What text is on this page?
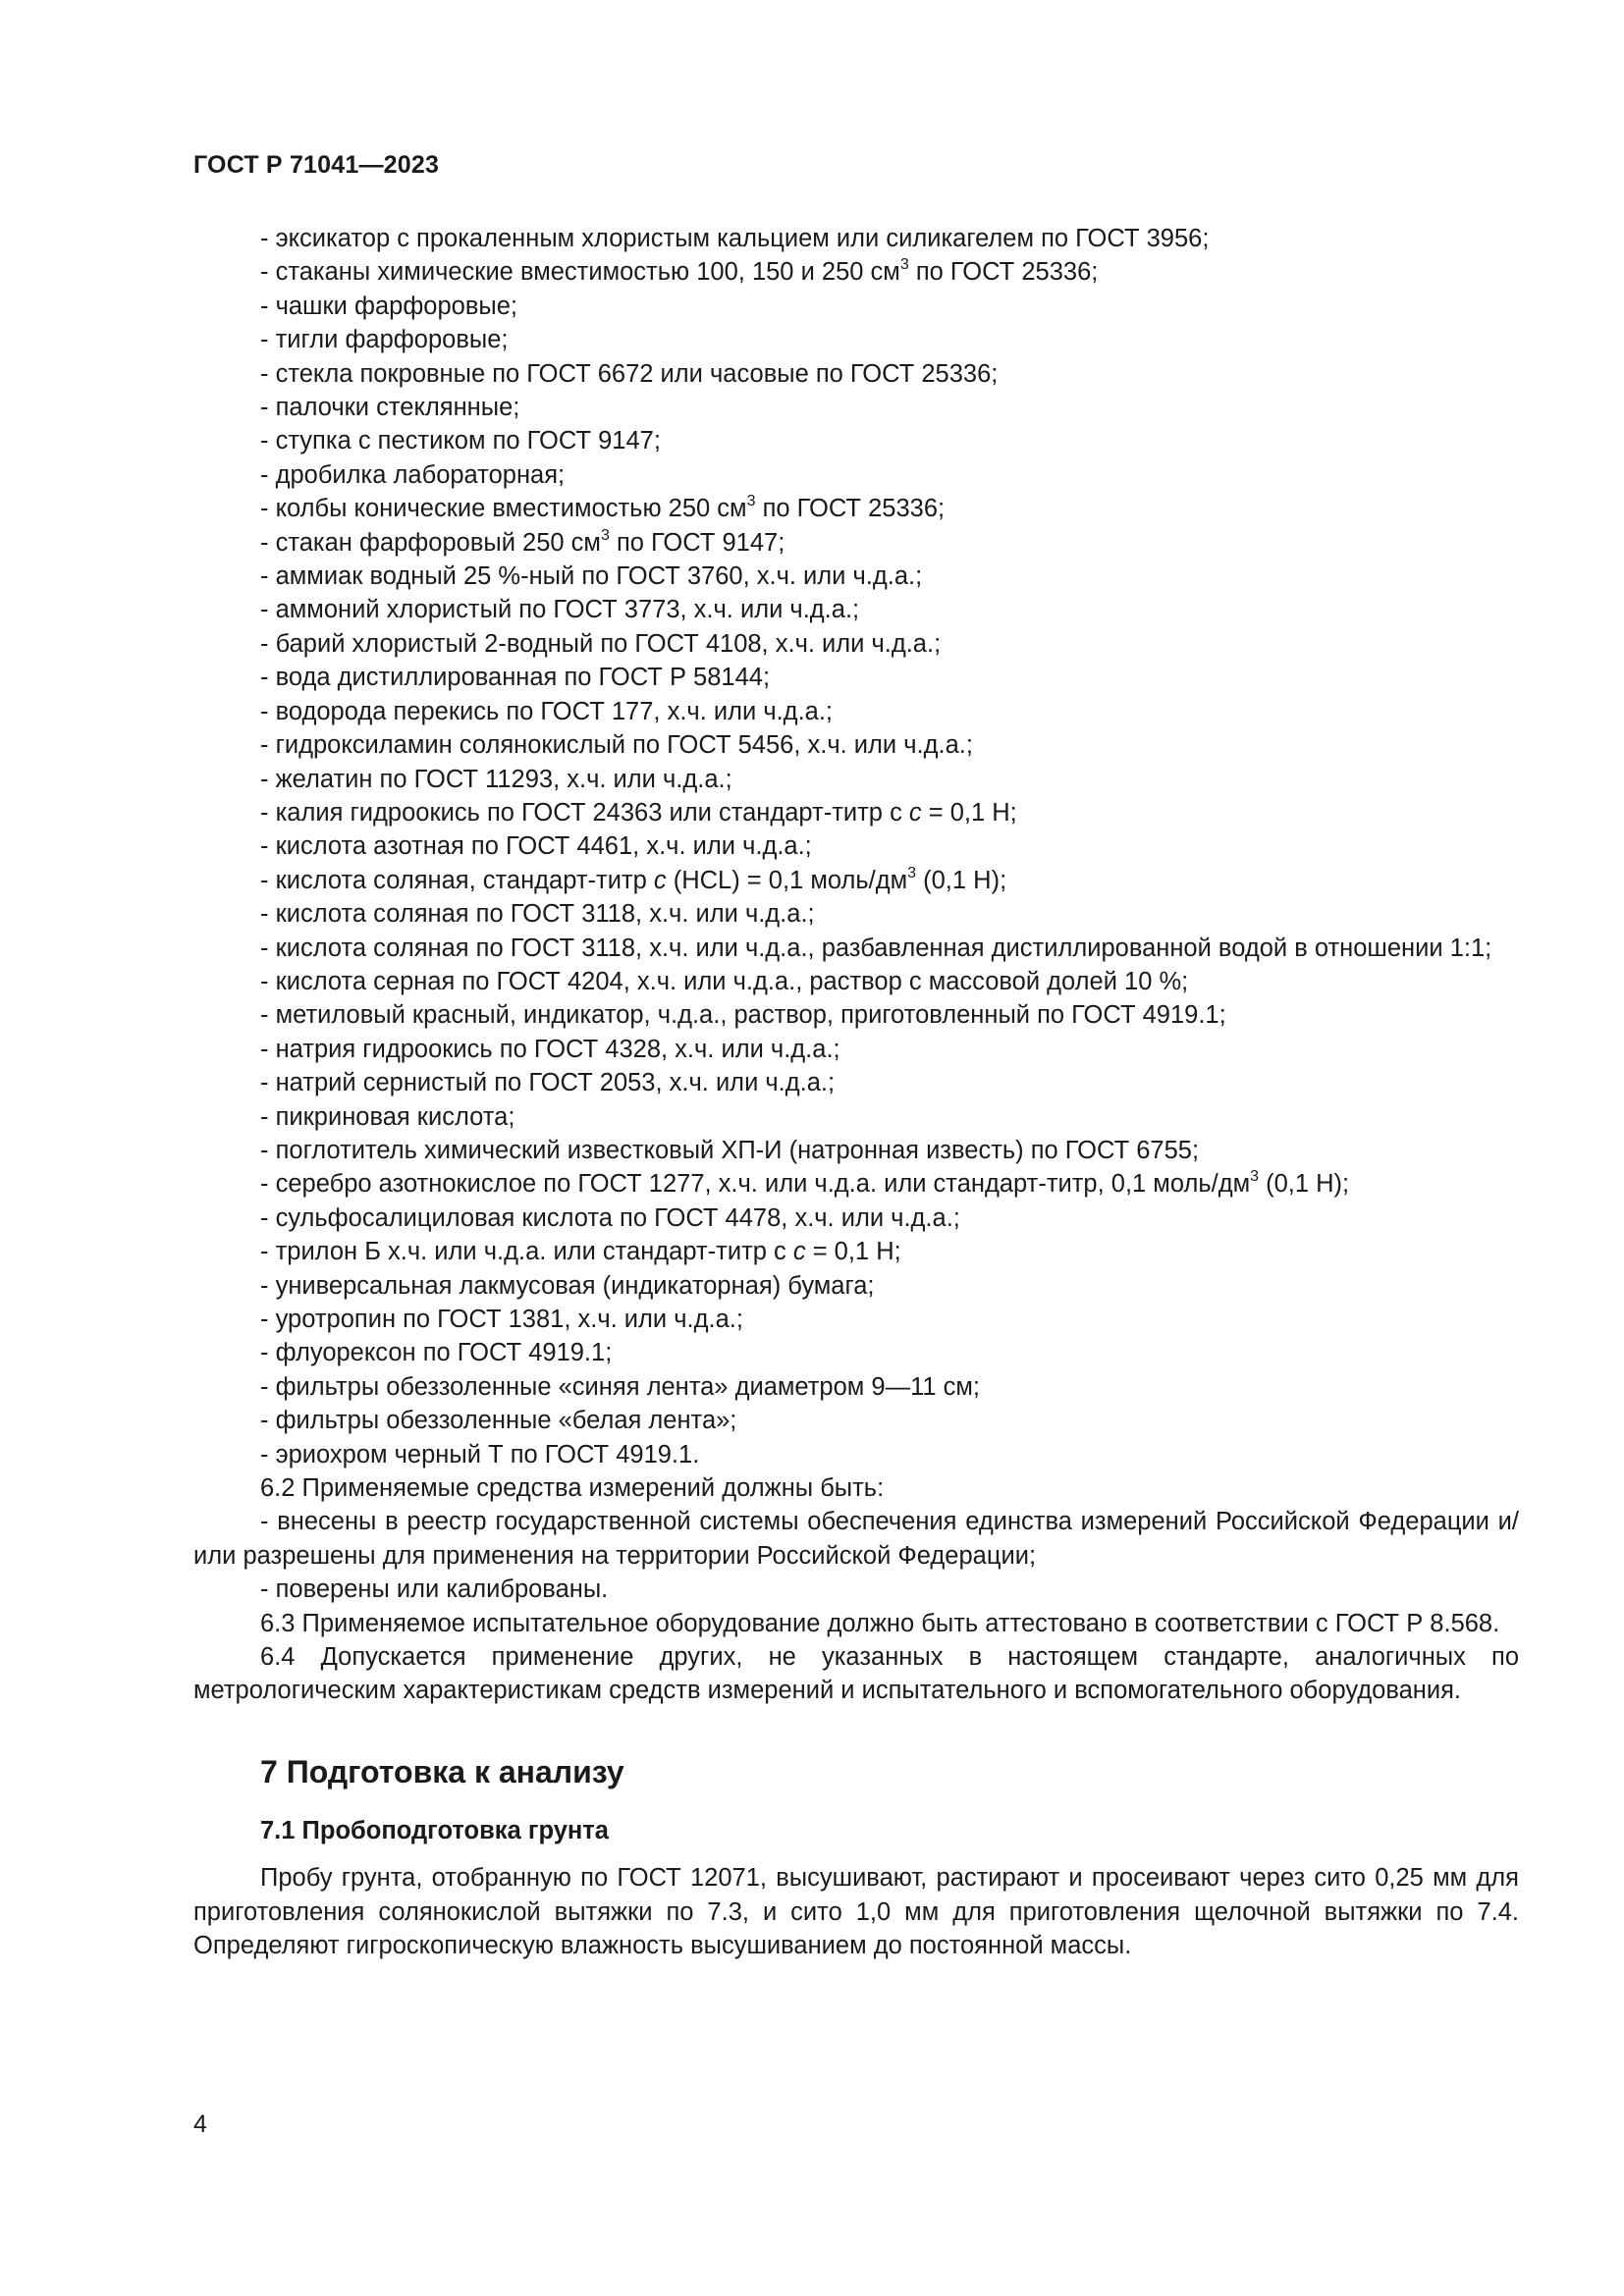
ГОСТ Р 71041—2023

- эксикатор с прокаленным хлористым кальцием или силикагелем по ГОСТ 3956;

- стаканы химические вместимостью 100, 150 и 250 $см^3$ по ГОСТ 25336;

- чашки фарфоровые;

- тигли фарфоровые;

- стекла покровные по ГОСТ 6672 или часовые по ГОСТ 25336;

- палочки стеклянные;

- ступка с пестиком по ГОСТ 9147;

- дробилка лабораторная;

- колбы конические вместимостью 250 $см^3$ по ГОСТ 25336;

- стакан фарфоровый 250 $см^3$ по ГОСТ 9147;

- аммиак водный 25 %-ный по ГОСТ 3760, х.ч. или ч.д.а.;

- аммоний хлористый по ГОСТ 3773, х.ч. или ч.д.а.;

- барий хлористый 2-водный по ГОСТ 4108, х.ч. или ч.д.а.;

- вода дистиллированная по ГОСТ Р 58144;

- водорода перекись по ГОСТ 177, х.ч. или ч.д.а.;

- гидроксиламин солянокислый по ГОСТ 5456, х.ч. или ч.д.а.;

- желатин по ГОСТ 11293, х.ч. или ч.д.а.;

- калия гидроокись по ГОСТ 24363 или стандарт-титр с с = 0,1 Н;

- кислота азотная по ГОСТ 4461, х.ч. или ч.д.а.;

- кислота соляная, стандарт-титр с (HCL) = 0,1 моль/$дм^3$ (0,1 Н);

- кислота соляная по ГОСТ 3118, х.ч. или ч.д.а.;

- кислота соляная по ГОСТ 3118, х.ч. или ч.д.а., разбавленная дистиллированной водой в отношении 1:1;

- кислота серная по ГОСТ 4204, х.ч. или ч.д.а., раствор с массовой долей 10 %;

- метиловый красный, индикатор, ч.д.а., раствор, приготовленный по ГОСТ 4919.1;

- натрия гидроокись по ГОСТ 4328, х.ч. или ч.д.а.;

- натрий сернистый по ГОСТ 2053, х.ч. или ч.д.а.;

- пикриновая кислота;

- поглотитель химический известковый ХП-И (натронная известь) по ГОСТ 6755;

- серебро азотнокислое по ГОСТ 1277, х.ч. или ч.д.а. или стандарт-титр, 0,1 моль/$дм^3$ (0,1 Н);

- сульфосалициловая кислота по ГОСТ 4478, х.ч. или ч.д.а.;

- трилон Б х.ч. или ч.д.а. или стандарт-титр с с = 0,1 Н;

- универсальная лакмусовая (индикаторная) бумага;

- уротропин по ГОСТ 1381, х.ч. или ч.д.а.;

- флуорексон по ГОСТ 4919.1;

- фильтры обеззоленные «синяя лента» диаметром 9—11 см;

- фильтры обеззоленные «белая лента»;

- эриохром черный Т по ГОСТ 4919.1.

6.2 Применяемые средства измерений должны быть:

- внесены в реестр государственной системы обеспечения единства измерений Российской Федерации и/или разрешены для применения на территории Российской Федерации;

- поверены или калиброваны.

6.3 Применяемое испытательное оборудование должно быть аттестовано в соответствии с ГОСТ Р 8.568.

6.4 Допускается применение других, не указанных в настоящем стандарте, аналогичных по метрологическим характеристикам средств измерений и испытательного и вспомогательного оборудования.

7 Подготовка к анализу
7.1 Пробоподготовка грунта

Пробу грунта, отобранную по ГОСТ 12071, высушивают, растирают и просеивают через сито 0,25 мм для приготовления солянокислой вытяжки по 7.3, и сито 1,0 мм для приготовления щелочной вытяжки по 7.4. Определяют гигроскопическую влажность высушиванием до постоянной массы.

4
